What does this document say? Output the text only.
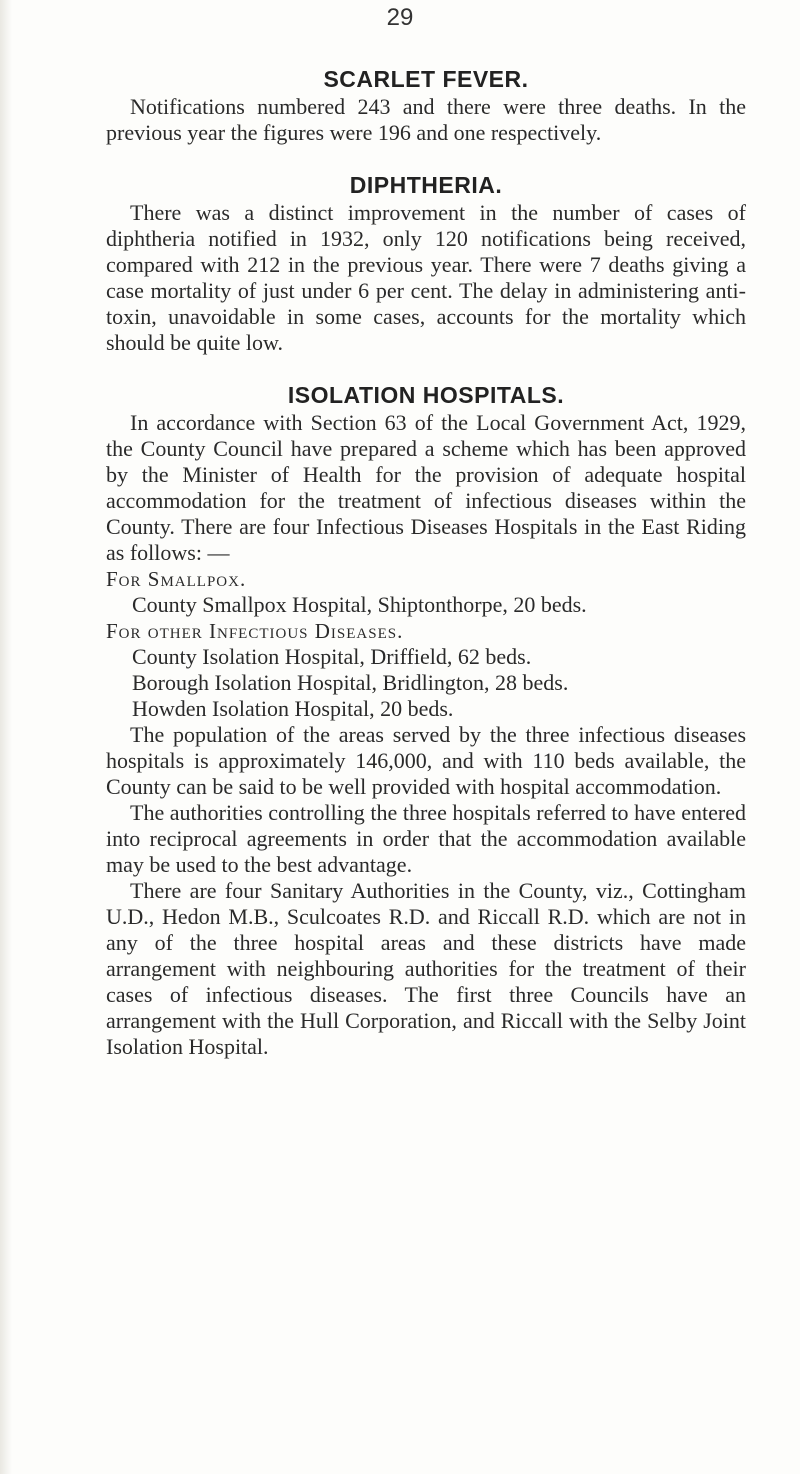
29
SCARLET FEVER.

Notifications numbered 243 and there were three deaths. In the previous year the figures were 196 and one respectively.

DIPHTHERIA.

There was a distinct improvement in the number of cases of diphtheria notified in 1932, only 120 notifications being received, compared with 212 in the previous year. There were 7 deaths giving a case mortality of just under 6 per cent. The delay in administering anti-toxin, unavoidable in some cases, accounts for the mortality which should be quite low.

ISOLATION HOSPITALS.

In accordance with Section 63 of the Local Government Act, 1929, the County Council have prepared a scheme which has been approved by the Minister of Health for the provision of adequate hospital accommodation for the treatment of infectious diseases within the County. There are four Infectious Diseases Hospitals in the East Riding as follows: —

For Smallpox.
County Smallpox Hospital, Shiptonthorpe, 20 beds.
For other Infectious Diseases.
County Isolation Hospital, Driffield, 62 beds.
Borough Isolation Hospital, Bridlington, 28 beds.
Howden Isolation Hospital, 20 beds.

The population of the areas served by the three infectious diseases hospitals is approximately 146,000, and with 110 beds available, the County can be said to be well provided with hospital accommodation.

The authorities controlling the three hospitals referred to have entered into reciprocal agreements in order that the accommodation available may be used to the best advantage.

There are four Sanitary Authorities in the County, viz., Cottingham U.D., Hedon M.B., Sculcoates R.D. and Riccall R.D. which are not in any of the three hospital areas and these districts have made arrangement with neighbouring authorities for the treatment of their cases of infectious diseases. The first three Councils have an arrangement with the Hull Corporation, and Riccall with the Selby Joint Isolation Hospital.
